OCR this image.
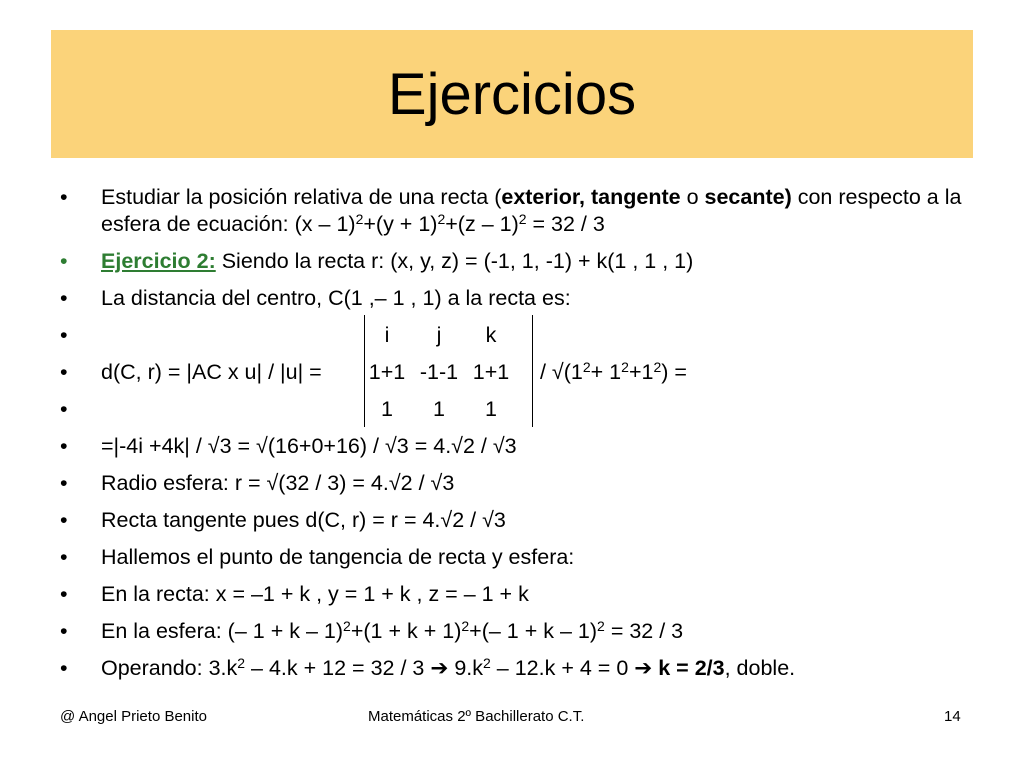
Ejercicios
• Estudiar la posición relativa de una recta (exterior, tangente o secante) con respecto a la esfera de ecuación: $(x - 1)^2+(y + 1)^2+(z - 1)^2 = 32 / 3$
• Ejercicio 2: Siendo la recta r: (x, y, z) = (-1, 1, -1) + k(1 , 1 , 1)
• La distancia del centro, C(1 ,– 1 , 1) a la recta es:
•
i j k
• d(C, r) = |AC x u| / |u| =1+1 -1-1 $1+1 / √(1^2+ 1^2+1^2)$ =
• 1 1 1
• =|-4i +4k| / √3 = √(16+0+16) / √3 = 4.√2 / √3
• Radio esfera: r = √(32 / 3) = 4.√2 / √3
• Recta tangente pues d(C, r) = r = 4.√2 / √3
• Hallemos el punto de tangencia de recta y esfera:
• En la recta: x = –1 + k , y = 1 + k , z = – 1 + k
• En la esfera: (– $1 + k - 1)^2+(1 + k + 1)^2+(-$ 1 + k – 1)$^2$ = 32 / 3
• Operando: $3.k^2 - 4.k + 12 = 32 / 3$ ➔ $9.k^2 - 12.k + 4 = 0$ ➔ k = 2/3, doble.
@ Angel Prieto Benito	Matemáticas 2º Bachillerato C.T.	14
